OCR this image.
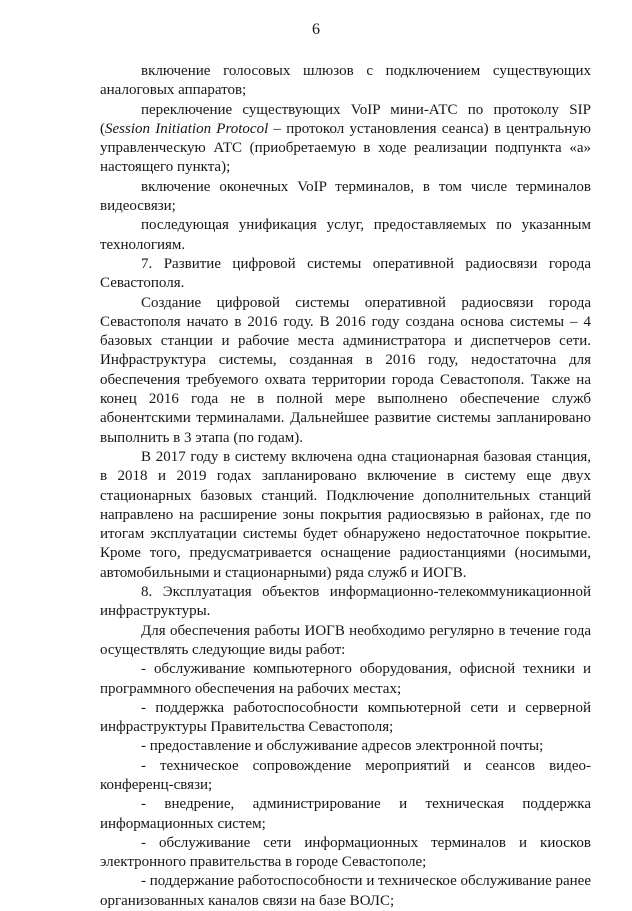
6

включение голосовых шлюзов с подключением существующих аналоговых аппаратов;

переключение существующих VoIP мини-АТС по протоколу SIP (Session Initiation Protocol – протокол установления сеанса) в центральную управленческую АТС (приобретаемую в ходе реализации подпункта «а» настоящего пункта);

включение оконечных VoIP терминалов, в том числе терминалов видеосвязи;

последующая унификация услуг, предоставляемых по указанным технологиям.

7. Развитие цифровой системы оперативной радиосвязи города Севастополя.

Создание цифровой системы оперативной радиосвязи города Севастополя начато в 2016 году. В 2016 году создана основа системы – 4 базовых станции и рабочие места администратора и диспетчеров сети. Инфраструктура системы, созданная в 2016 году, недостаточна для обеспечения требуемого охвата территории города Севастополя. Также на конец 2016 года не в полной мере выполнено обеспечение служб абонентскими терминалами. Дальнейшее развитие системы запланировано выполнить в 3 этапа (по годам).

В 2017 году в систему включена одна стационарная базовая станция, в 2018 и 2019 годах запланировано включение в систему еще двух стационарных базовых станций. Подключение дополнительных станций направлено на расширение зоны покрытия радиосвязью в районах, где по итогам эксплуатации системы будет обнаружено недостаточное покрытие. Кроме того, предусматривается оснащение радиостанциями (носимыми, автомобильными и стационарными) ряда служб и ИОГВ.

8. Эксплуатация объектов информационно-телекоммуникационной инфраструктуры.

Для обеспечения работы ИОГВ необходимо регулярно в течение года осуществлять следующие виды работ:

- обслуживание компьютерного оборудования, офисной техники и программного обеспечения на рабочих местах;

- поддержка работоспособности компьютерной сети и серверной инфраструктуры Правительства Севастополя;

- предоставление и обслуживание адресов электронной почты;

- техническое сопровождение мероприятий и сеансов видео-конференц-связи;

- внедрение, администрирование и техническая поддержка информационных систем;

- обслуживание сети информационных терминалов и киосков электронного правительства в городе Севастополе;

- поддержание работоспособности и техническое обслуживание ранее организованных каналов связи на базе ВОЛС;
